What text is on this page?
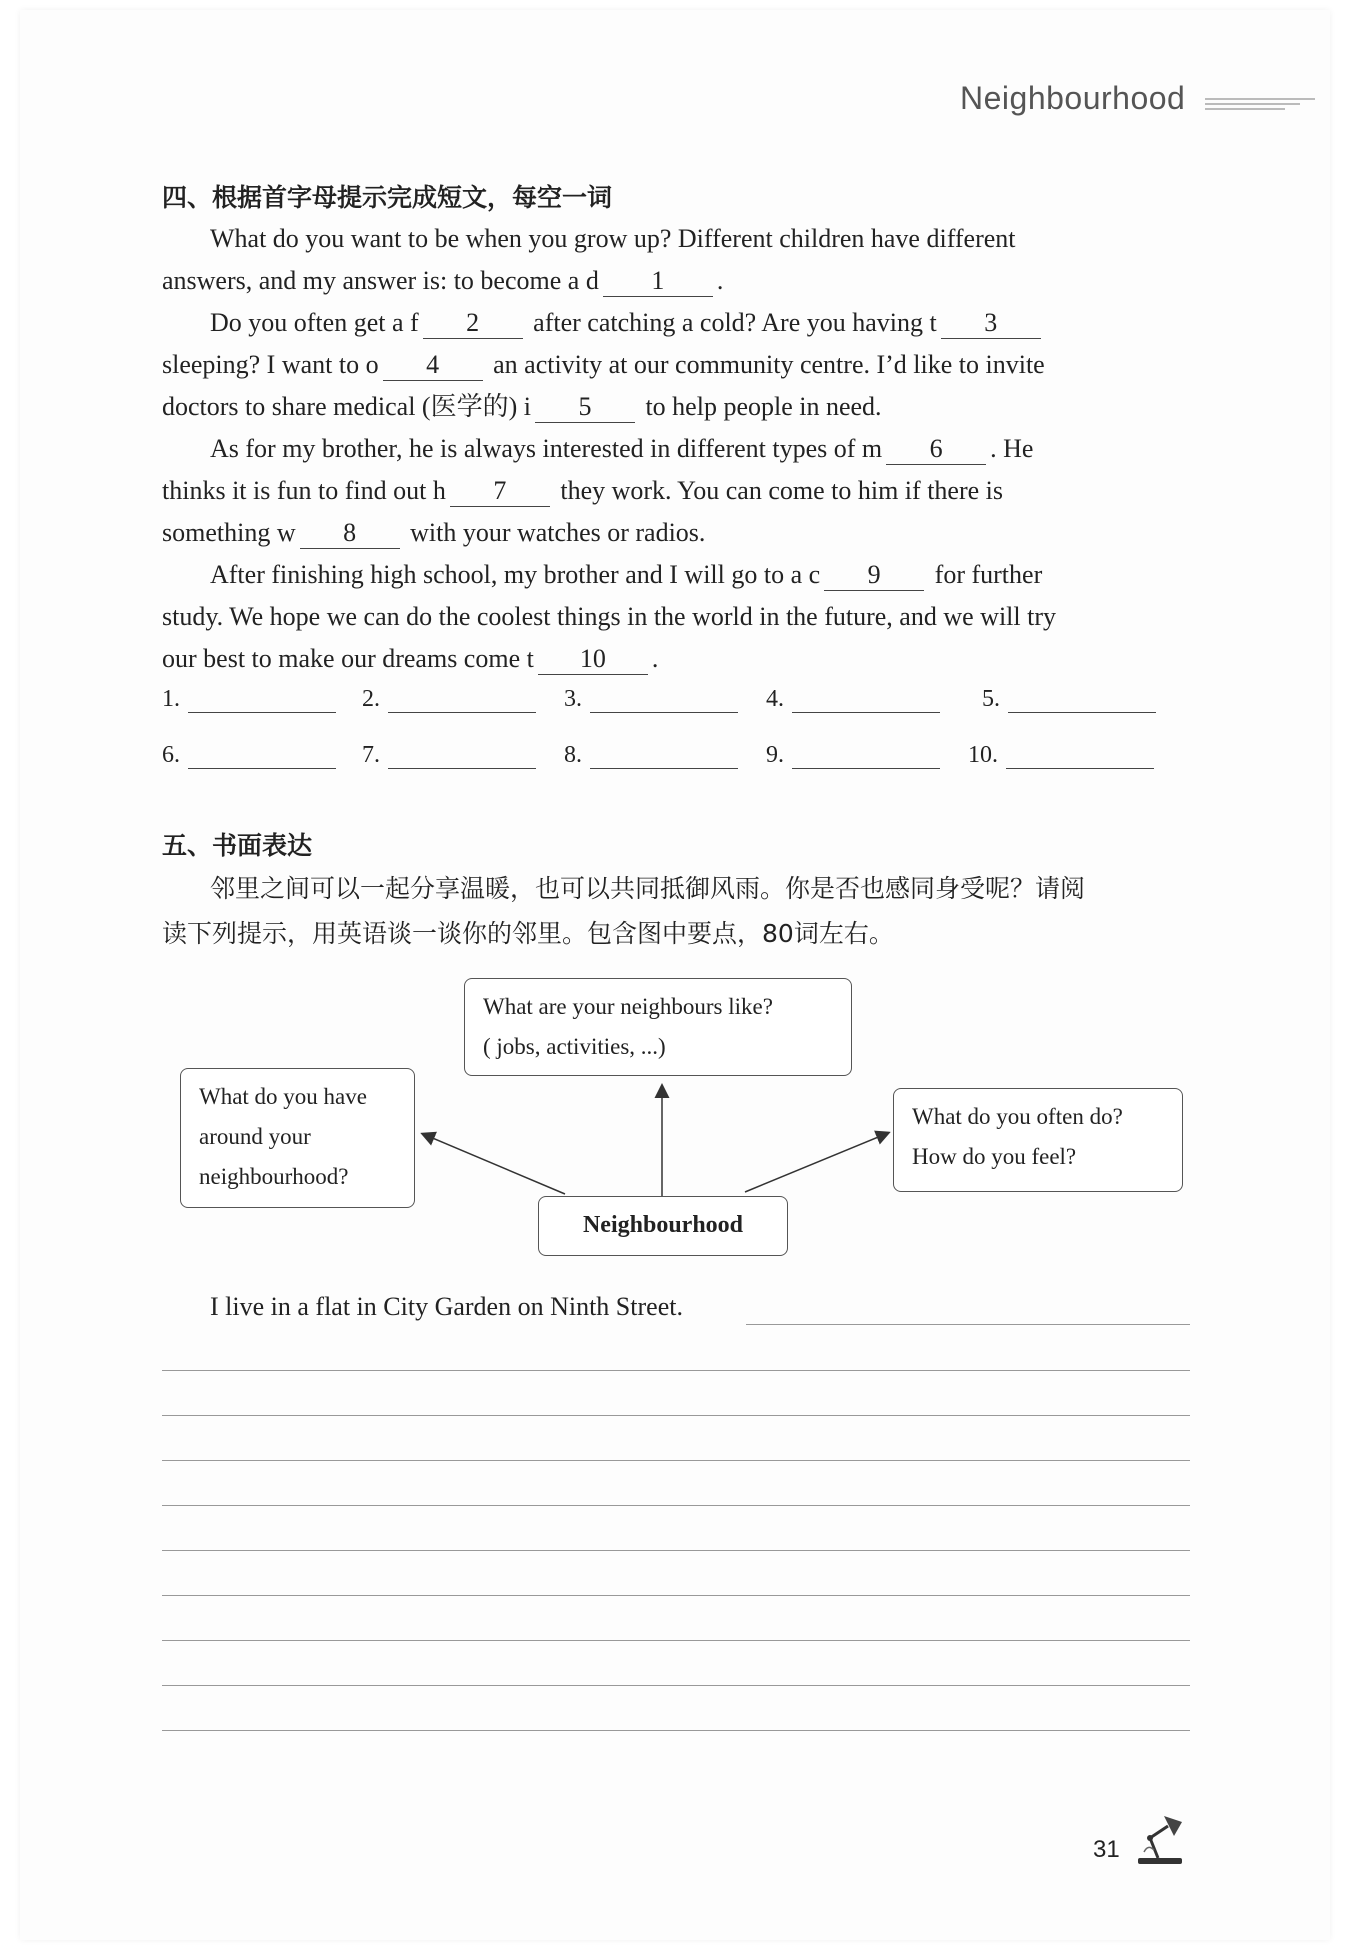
Neighbourhood
四、根据首字母提示完成短文，每空一词
What do you want to be when you grow up? Different children have different
answers, and my answer is: to become a d 1 .
Do you often get a f 2 after catching a cold? Are you having t 3
sleeping? I want to o 4 an activity at our community centre. I’d like to invite
doctors to share medical (医学的) i 5 to help people in need.
As for my brother, he is always interested in different types of m 6 . He
thinks it is fun to find out h 7 they work. You can come to him if there is
something w 8 with your watches or radios.
After finishing high school, my brother and I will go to a c 9 for further
study. We hope we can do the coolest things in the world in the future, and we will try
our best to make our dreams come t 10 .
1.	2.	3.	4.	5.
6.	7.	8.	9.	10.
五、书面表达
邻里之间可以一起分享温暖，也可以共同抵御风雨。你是否也感同身受呢？请阅
读下列提示，用英语谈一谈你的邻里。包含图中要点，80词左右。
What are your neighbours like?
( jobs, activities, ...)
What do you have
around your
neighbourhood?
What do you often do?
How do you feel?
Neighbourhood
I live in a flat in City Garden on Ninth Street.
31
